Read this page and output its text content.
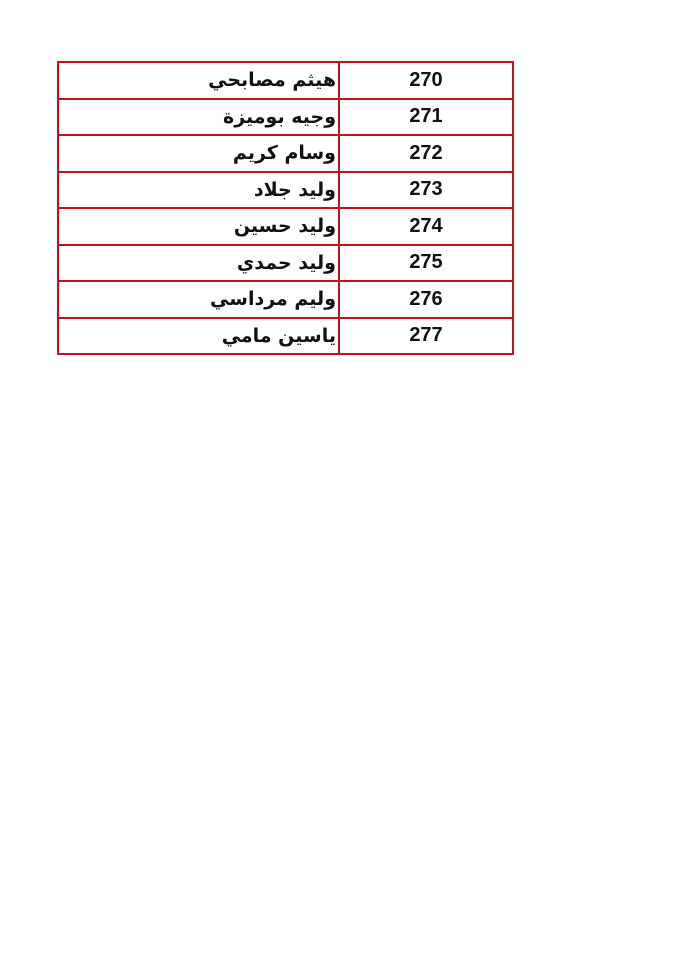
هيثم مصابحي	270
وجيه بوميزة	271
وسام كريم	272
وليد جلاد	273
وليد حسين	274
وليد حمدي	275
وليم مرداسي	276
ياسين مامي	277
